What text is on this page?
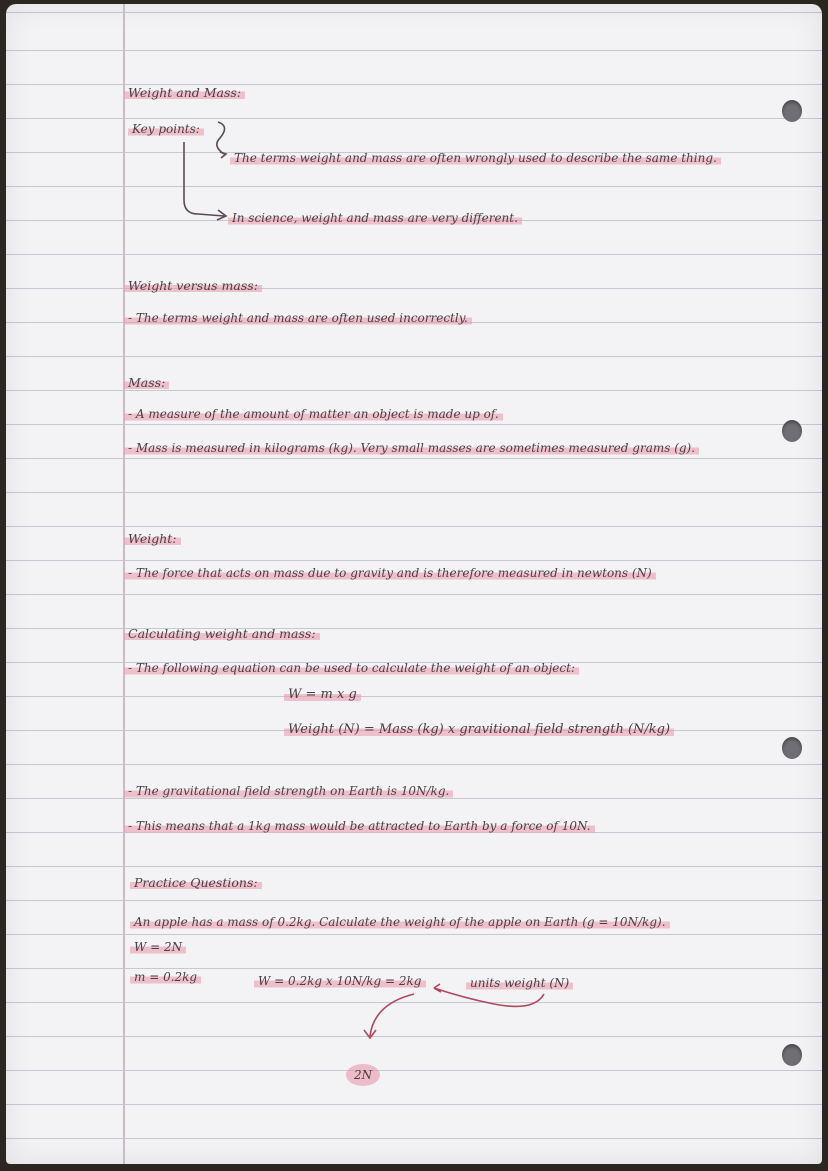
Weight and Mass:
Key points:
The terms weight and mass are often wrongly used to describe the same thing.
In science, weight and mass are very different.
Weight versus mass:
- The terms weight and mass are often used incorrectly.
Mass:
- A measure of the amount of matter an object is made up of.
- Mass is measured in kilograms (kg). Very small masses are sometimes measured grams (g).
Weight:
- The force that acts on mass due to gravity and is therefore measured in newtons (N)
Calculating weight and mass:
- The following equation can be used to calculate the weight of an object:
W = m x g
Weight (N) = Mass (kg) x gravitional field strength (N/kg)
- The gravitational field strength on Earth is 10N/kg.
- This means that a 1kg mass would be attracted to Earth by a force of 10N.
Practice Questions:
An apple has a mass of 0.2kg. Calculate the weight of the apple on Earth (g = 10N/kg).
W = 2N
m = 0.2kg	W = 0.2kg x 10N/kg = 2kg	units weight (N)
2N
